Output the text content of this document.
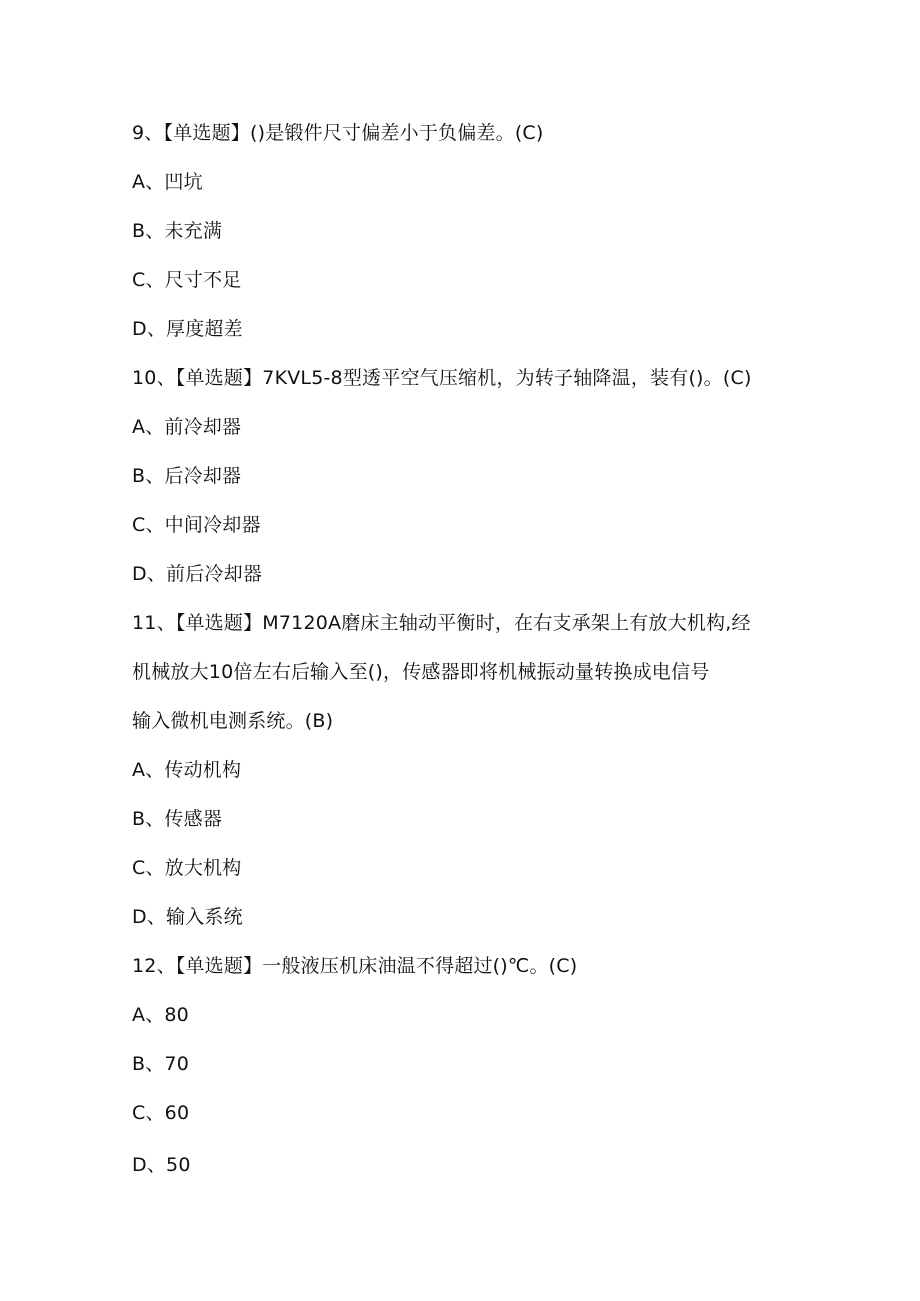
9、【单选题】()是锻件尺寸偏差小于负偏差。(C)
A、凹坑
B、未充满
C、尺寸不足
D、厚度超差
10、【单选题】7KVL5-8型透平空气压缩机，为转子轴降温，装有()。(C)
A、前冷却器
B、后冷却器
C、中间冷却器
D、前后冷却器
11、【单选题】M7120A磨床主轴动平衡时，在右支承架上有放大机构,经
机械放大10倍左右后输入至()，传感器即将机械振动量转换成电信号
输入微机电测系统。(B)
A、传动机构
B、传感器
C、放大机构
D、输入系统
12、【单选题】一般液压机床油温不得超过()℃。(C)
A、80
B、70
C、60
D、50
